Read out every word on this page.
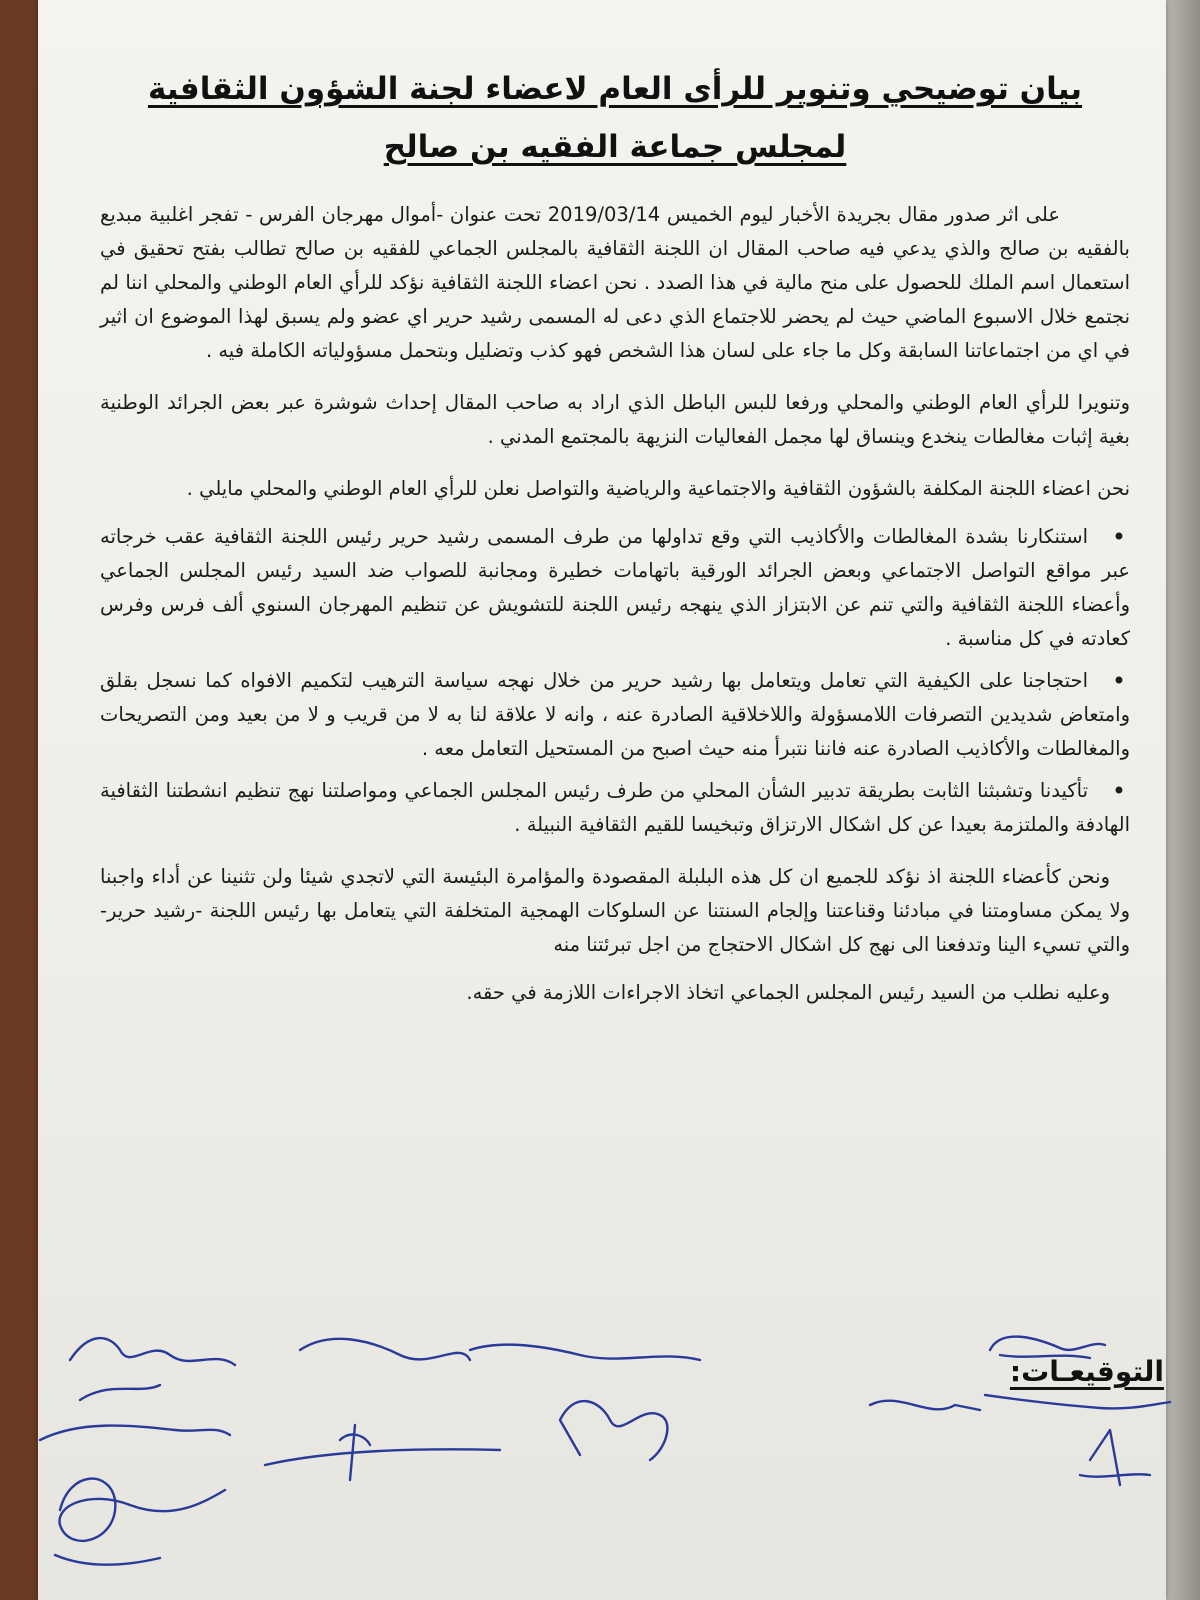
بيان توضيحي وتنوير للرأى العام لاعضاء لجنة الشؤون الثقافية
لمجلس جماعة الفقيه بن صالح

على اثر صدور مقال بجريدة الأخبار ليوم الخميس 2019/03/14 تحت عنوان -أموال مهرجان الفرس - تفجر اغلبية مبديع بالفقيه بن صالح والذي يدعي فيه صاحب المقال ان اللجنة الثقافية بالمجلس الجماعي للفقيه بن صالح تطالب بفتح تحقيق في استعمال اسم الملك للحصول على منح مالية في هذا الصدد . نحن اعضاء اللجنة الثقافية نؤكد للرأي العام الوطني والمحلي اننا لم نجتمع خلال الاسبوع الماضي حيث لم يحضر للاجتماع الذي دعى له المسمى رشيد حرير اي عضو ولم يسبق لهذا الموضوع ان اثير في اي من اجتماعاتنا السابقة وكل ما جاء على لسان هذا الشخص فهو كذب وتضليل وبتحمل مسؤولياته الكاملة فيه .

وتنويرا للرأي العام الوطني والمحلي ورفعا للبس الباطل الذي اراد به صاحب المقال إحداث شوشرة عبر بعض الجرائد الوطنية بغية إثبات مغالطات ينخدع وينساق لها مجمل الفعاليات النزيهة بالمجتمع المدني .

نحن اعضاء اللجنة المكلفة بالشؤون الثقافية والاجتماعية والرياضية والتواصل نعلن للرأي العام الوطني والمحلي مايلي .

• استنكارنا بشدة المغالطات والأكاذيب التي وقع تداولها من طرف المسمى رشيد حرير رئيس اللجنة الثقافية عقب خرجاته عبر مواقع التواصل الاجتماعي وبعض الجرائد الورقية باتهامات خطيرة ومجانبة للصواب ضد السيد رئيس المجلس الجماعي وأعضاء اللجنة الثقافية والتي تنم عن الابتزاز الذي ينهجه رئيس اللجنة للتشويش عن تنظيم المهرجان السنوي ألف فرس وفرس كعادته في كل مناسبة .
• احتجاجنا على الكيفية التي تعامل ويتعامل بها رشيد حرير من خلال نهجه سياسة الترهيب لتكميم الافواه كما نسجل بقلق وامتعاض شديدين التصرفات اللامسؤولة واللاخلاقية الصادرة عنه ، وانه لا علاقة لنا به لا من قريب و لا من بعيد ومن التصريحات والمغالطات والأكاذيب الصادرة عنه فاننا نتبرأ منه حيث اصبح من المستحيل التعامل معه .
• تأكيدنا وتشبثنا الثابت بطريقة تدبير الشأن المحلي من طرف رئيس المجلس الجماعي ومواصلتنا نهج تنظيم انشطتنا الثقافية الهادفة والملتزمة بعيدا عن كل اشكال الارتزاق وتبخيسا للقيم الثقافية النبيلة .

ونحن كأعضاء اللجنة اذ نؤكد للجميع ان كل هذه البلبلة المقصودة والمؤامرة البئيسة التي لاتجدي شيئا ولن تثنينا عن أداء واجبنا ولا يمكن مساومتنا في مبادئنا وقناعتنا وإلجام السنتنا عن السلوكات الهمجية المتخلفة التي يتعامل بها رئيس اللجنة -رشيد حرير- والتي تسيء الينا وتدفعنا الى نهج كل اشكال الاحتجاج من اجل تبرئتنا منه

وعليه نطلب من السيد رئيس المجلس الجماعي اتخاذ الاجراءات اللازمة في حقه.

التوقيعـات:
